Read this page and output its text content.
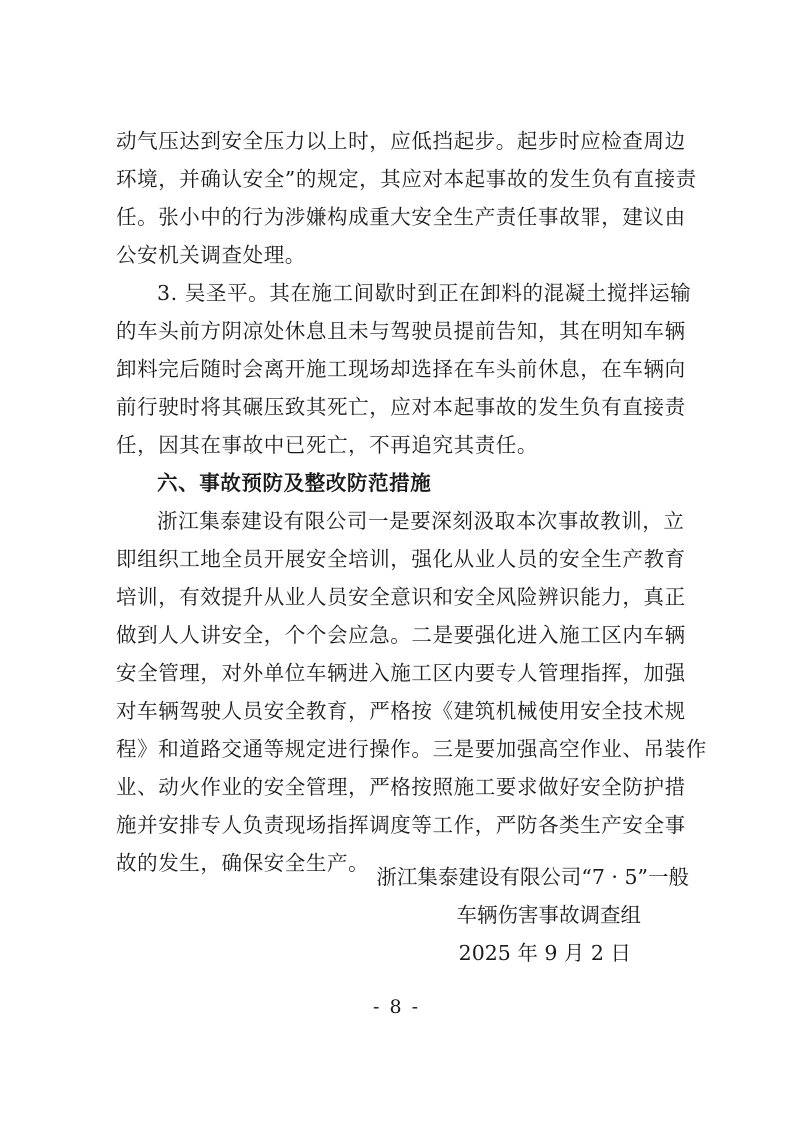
动气压达到安全压力以上时，应低挡起步。起步时应检查周边
环境，并确认安全”的规定，其应对本起事故的发生负有直接责
任。张小中的行为涉嫌构成重大安全生产责任事故罪，建议由
公安机关调查处理。
3. 吴圣平。其在施工间歇时到正在卸料的混凝土搅拌运输
的车头前方阴凉处休息且未与驾驶员提前告知，其在明知车辆
卸料完后随时会离开施工现场却选择在车头前休息，在车辆向
前行驶时将其碾压致其死亡，应对本起事故的发生负有直接责
任，因其在事故中已死亡，不再追究其责任。
六、事故预防及整改防范措施
浙江集泰建设有限公司一是要深刻汲取本次事故教训，立
即组织工地全员开展安全培训，强化从业人员的安全生产教育
培训，有效提升从业人员安全意识和安全风险辨识能力，真正
做到人人讲安全，个个会应急。二是要强化进入施工区内车辆
安全管理，对外单位车辆进入施工区内要专人管理指挥，加强
对车辆驾驶人员安全教育，严格按《建筑机械使用安全技术规
程》和道路交通等规定进行操作。三是要加强高空作业、吊装作
业、动火作业的安全管理，严格按照施工要求做好安全防护措
施并安排专人负责现场指挥调度等工作，严防各类生产安全事
故的发生，确保安全生产。
浙江集泰建设有限公司“7 · 5”一般
车辆伤害事故调查组
2025 年 9 月 2 日
- 8 -
